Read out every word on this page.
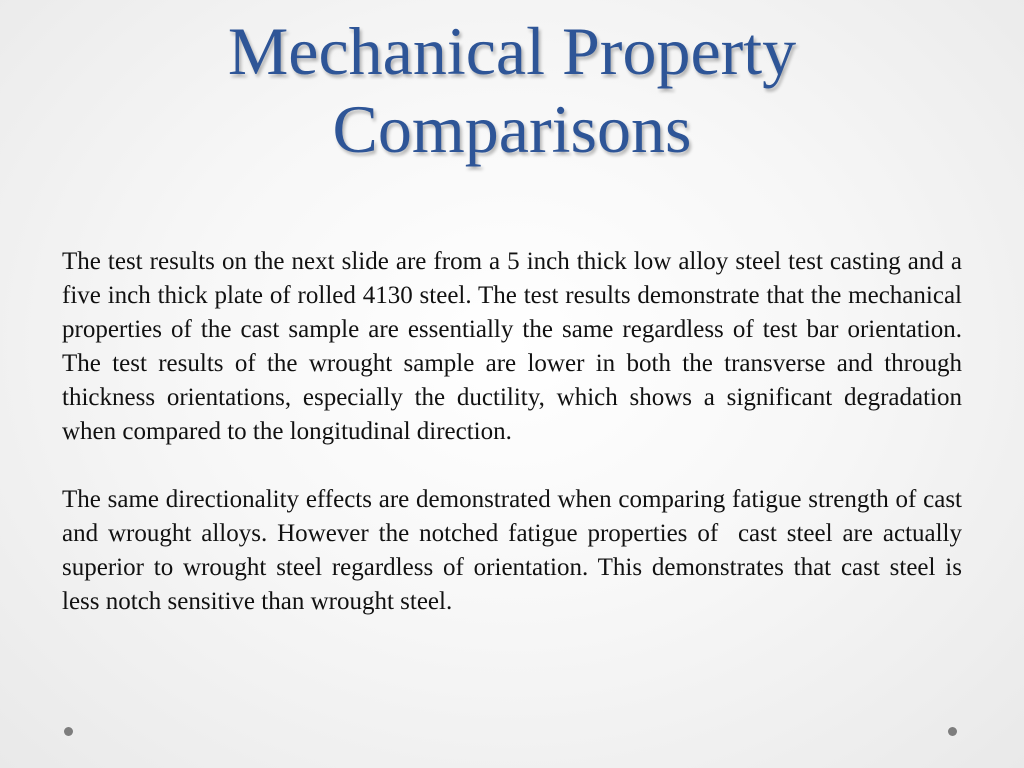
Mechanical Property
Comparisons

The test results on the next slide are from a 5 inch thick low alloy steel test casting and a five inch thick plate of rolled 4130 steel. The test results demonstrate that the mechanical properties of the cast sample are essentially the same regardless of test bar orientation. The test results of the wrought sample are lower in both the transverse and through thickness orientations, especially the ductility, which shows a significant degradation when compared to the longitudinal direction.

The same directionality effects are demonstrated when comparing fatigue strength of cast and wrought alloys. However the notched fatigue properties of  cast steel are actually superior to wrought steel regardless of orientation. This demonstrates that cast steel is less notch sensitive than wrought steel.
